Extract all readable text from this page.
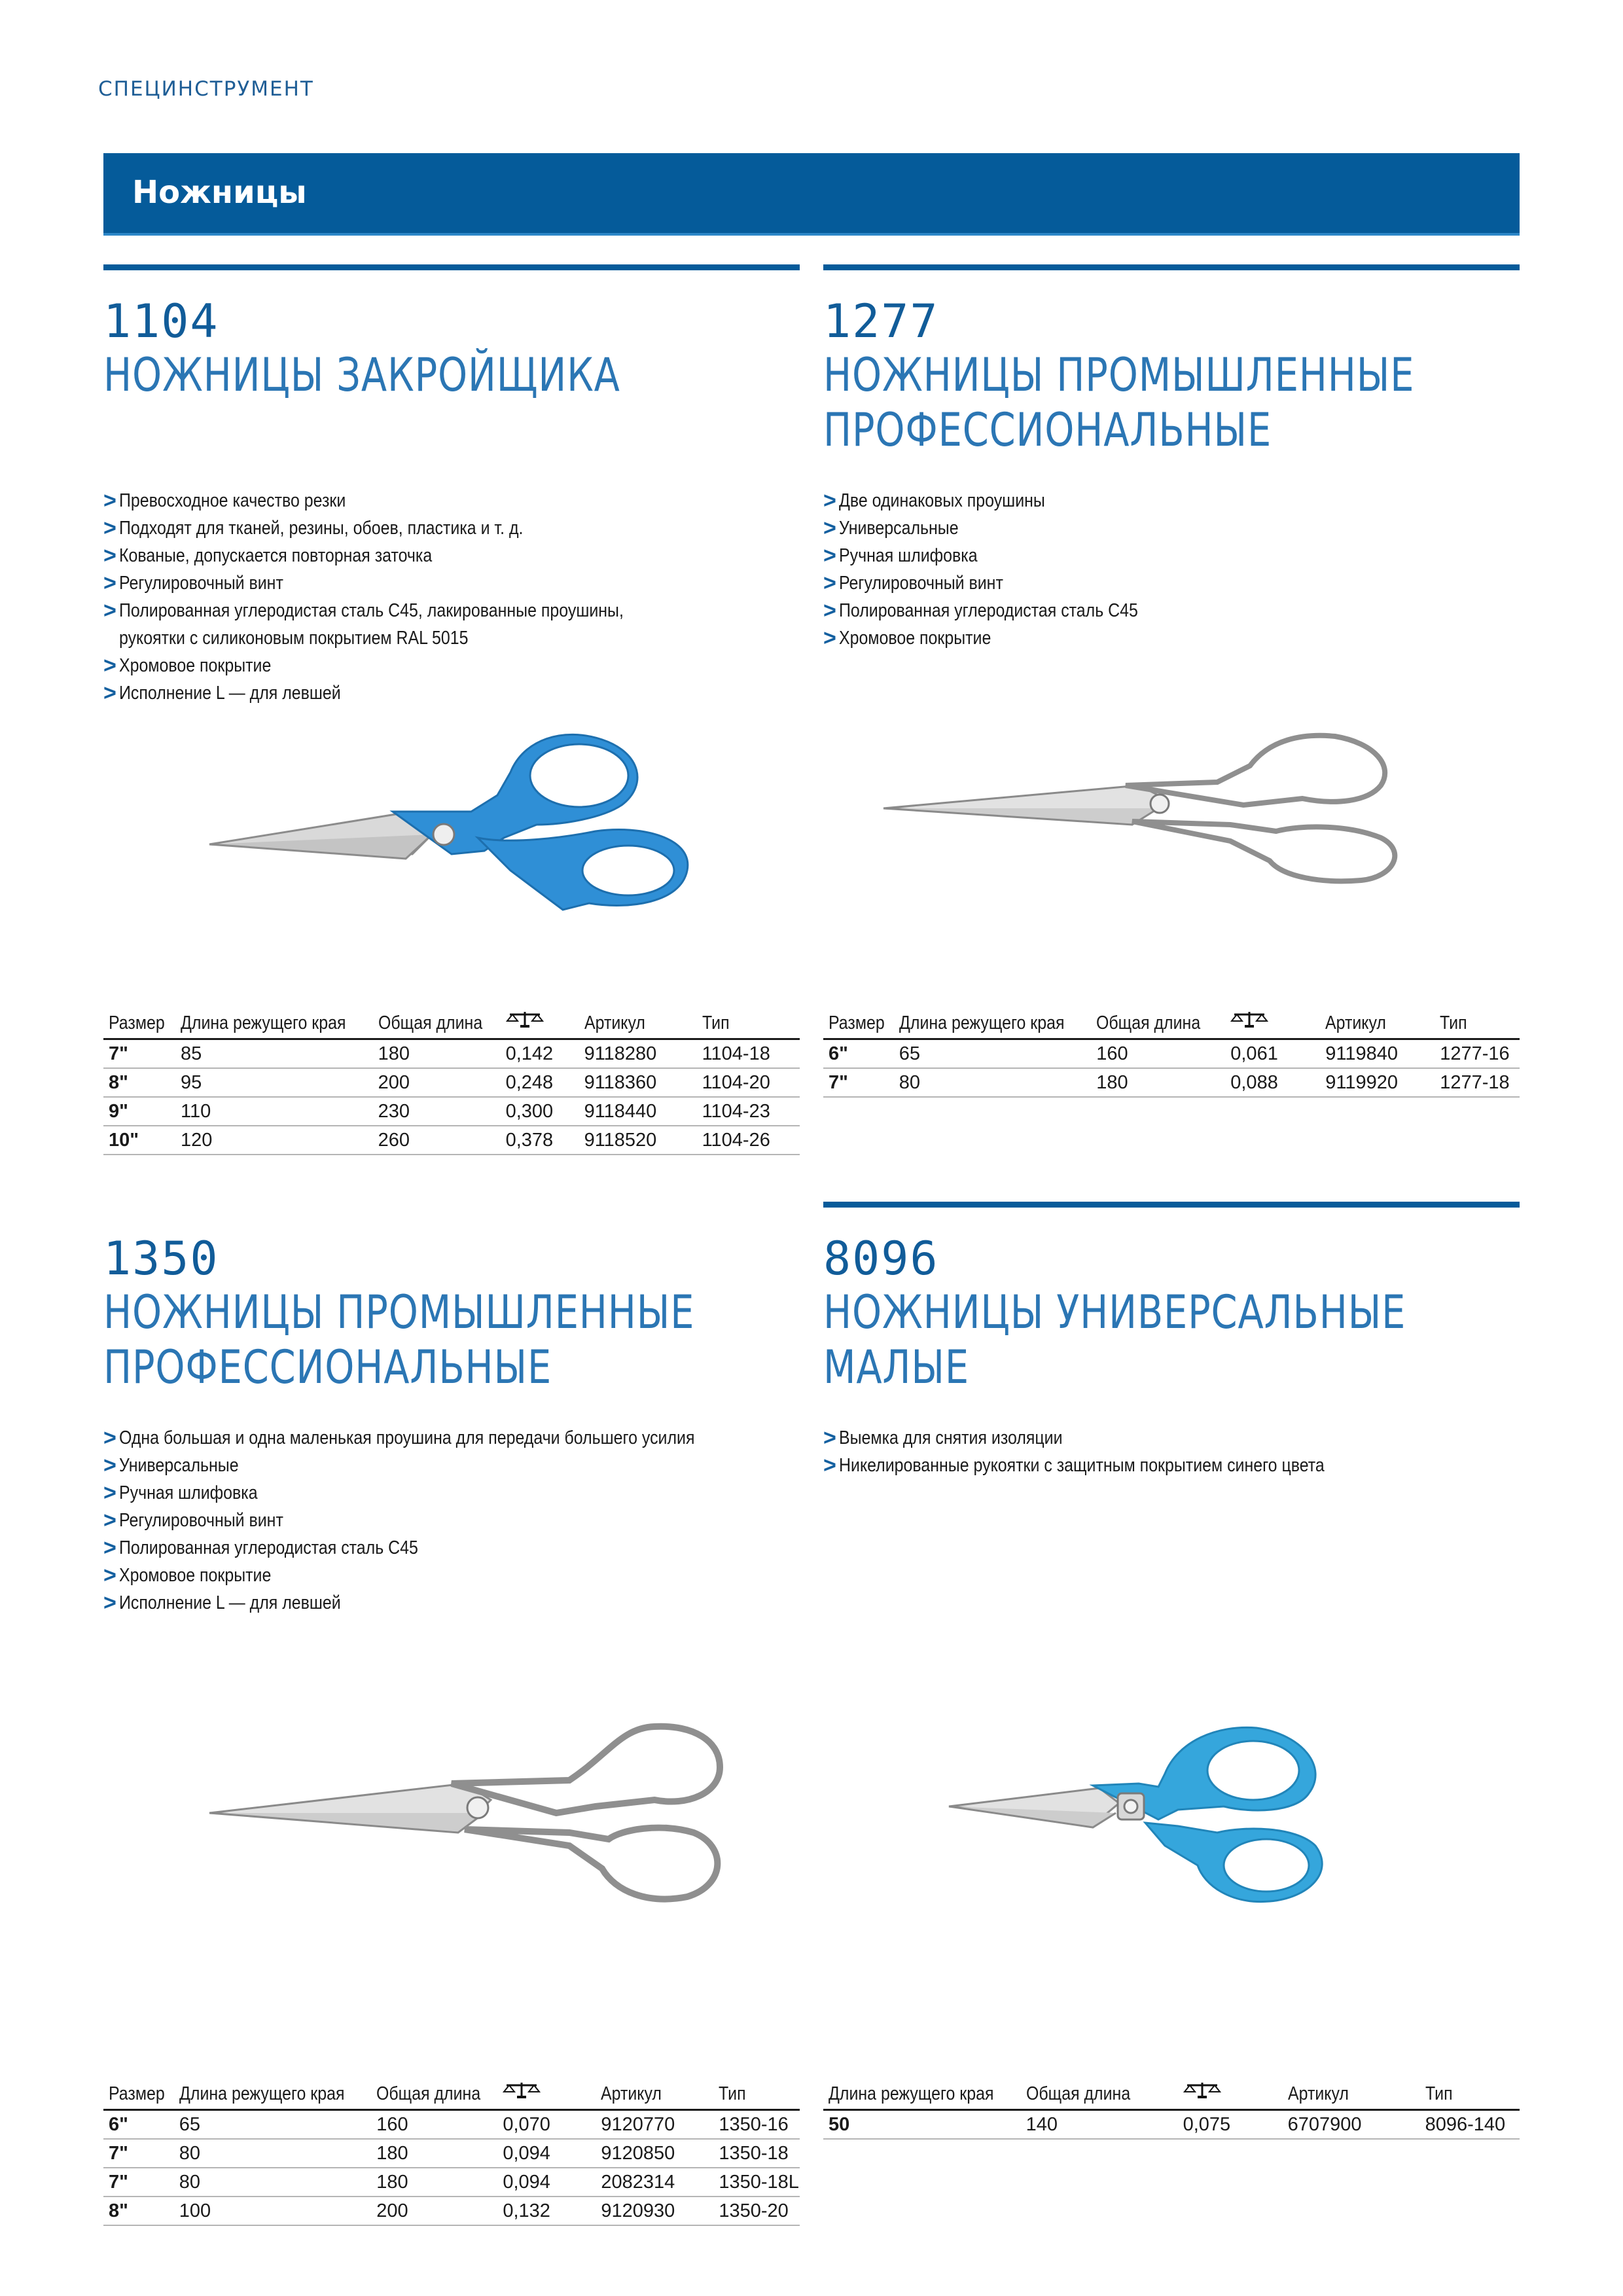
СПЕЦИНСТРУМЕНТ
Ножницы
1104
НОЖНИЦЫ ЗАКРОЙЩИКА
> Превосходное качество резки
> Подходят для тканей, резины, обоев, пластика и т. д.
> Кованые, допускается повторная заточка
> Регулировочный винт
> Полированная углеродистая сталь C45, лакированные проушины,
рукоятки с силиконовым покрытием RAL 5015
> Хромовое покрытие
> Исполнение L — для левшей
Размер	Длина режущего края	Общая длина		Артикул	Тип
7"	85	180	0,142	9118280	1104-18
8"	95	200	0,248	9118360	1104-20
9"	110	230	0,300	9118440	1104-23
10"	120	260	0,378	9118520	1104-26
1277
НОЖНИЦЫ ПРОМЫШЛЕННЫЕ
ПРОФЕССИОНАЛЬНЫЕ
> Две одинаковых проушины
> Универсальные
> Ручная шлифовка
> Регулировочный винт
> Полированная углеродистая сталь C45
> Хромовое покрытие
Размер	Длина режущего края	Общая длина		Артикул	Тип
6"	65	160	0,061	9119840	1277-16
7"	80	180	0,088	9119920	1277-18
1350
НОЖНИЦЫ ПРОМЫШЛЕННЫЕ
ПРОФЕССИОНАЛЬНЫЕ
> Одна большая и одна маленькая проушина для передачи большего усилия
> Универсальные
> Ручная шлифовка
> Регулировочный винт
> Полированная углеродистая сталь C45
> Хромовое покрытие
> Исполнение L — для левшей
Размер	Длина режущего края	Общая длина		Артикул	Тип
6"	65	160	0,070	9120770	1350-16
7"	80	180	0,094	9120850	1350-18
7"	80	180	0,094	2082314	1350-18L
8"	100	200	0,132	9120930	1350-20
8096
НОЖНИЦЫ УНИВЕРСАЛЬНЫЕ
МАЛЫЕ
> Выемка для снятия изоляции
> Никелированные рукоятки с защитным покрытием синего цвета
Длина режущего края	Общая длина		Артикул	Тип
50	140	0,075	6707900	8096-140
